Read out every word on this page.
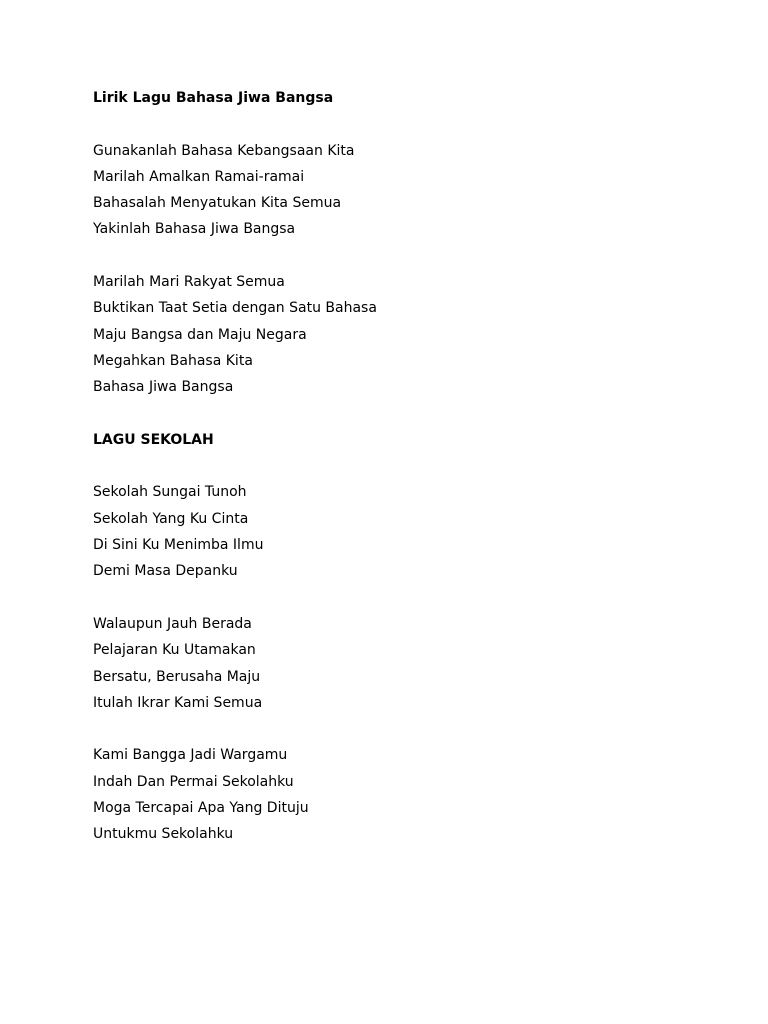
Lirik Lagu Bahasa Jiwa Bangsa
Gunakanlah Bahasa Kebangsaan Kita
Marilah Amalkan Ramai-ramai
Bahasalah Menyatukan Kita Semua
Yakinlah Bahasa Jiwa Bangsa
Marilah Mari Rakyat Semua
Buktikan Taat Setia dengan Satu Bahasa
Maju Bangsa dan Maju Negara
Megahkan Bahasa Kita
Bahasa Jiwa Bangsa
LAGU SEKOLAH
Sekolah Sungai Tunoh
Sekolah Yang Ku Cinta
Di Sini Ku Menimba Ilmu
Demi Masa Depanku
Walaupun Jauh Berada
Pelajaran Ku Utamakan
Bersatu, Berusaha Maju
Itulah Ikrar Kami Semua
Kami Bangga Jadi Wargamu
Indah Dan Permai Sekolahku
Moga Tercapai Apa Yang Dituju
Untukmu Sekolahku
